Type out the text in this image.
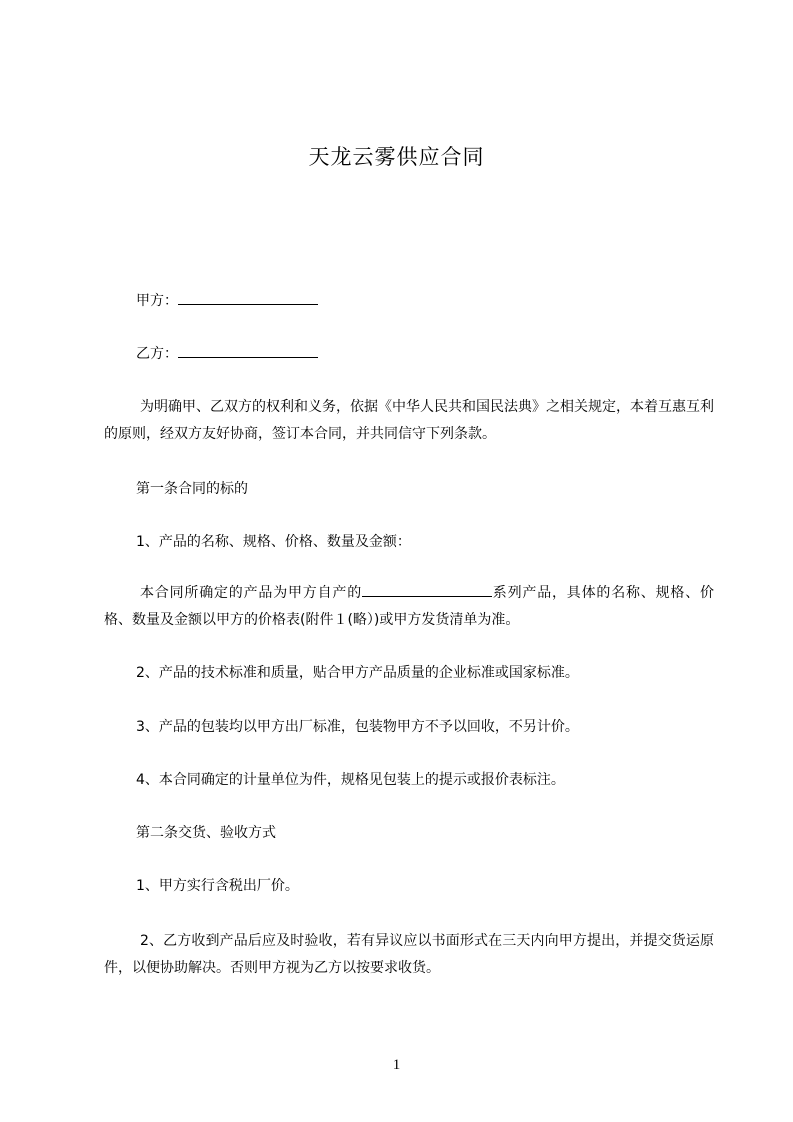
天龙云雾供应合同
甲方：
乙方：
为明确甲、乙双方的权利和义务，依据《中华人民共和国民法典》之相关规定，本着互惠互利的原则，经双方友好协商，签订本合同，并共同信守下列条款。
第一条合同的标的
1、产品的名称、规格、价格、数量及金额：
本合同所确定的产品为甲方自产的	系列产品，具体的名称、规格、价格、数量及金额以甲方的价格表(附件１(略）)或甲方发货清单为准。
2、产品的技术标准和质量，贴合甲方产品质量的企业标准或国家标准。
3、产品的包装均以甲方出厂标准，包装物甲方不予以回收，不另计价。
4、本合同确定的计量单位为件，规格见包装上的提示或报价表标注。
第二条交货、验收方式
1、甲方实行含税出厂价。
2、乙方收到产品后应及时验收，若有异议应以书面形式在三天内向甲方提出，并提交货运原件，以便协助解决。否则甲方视为乙方以按要求收货。
1
